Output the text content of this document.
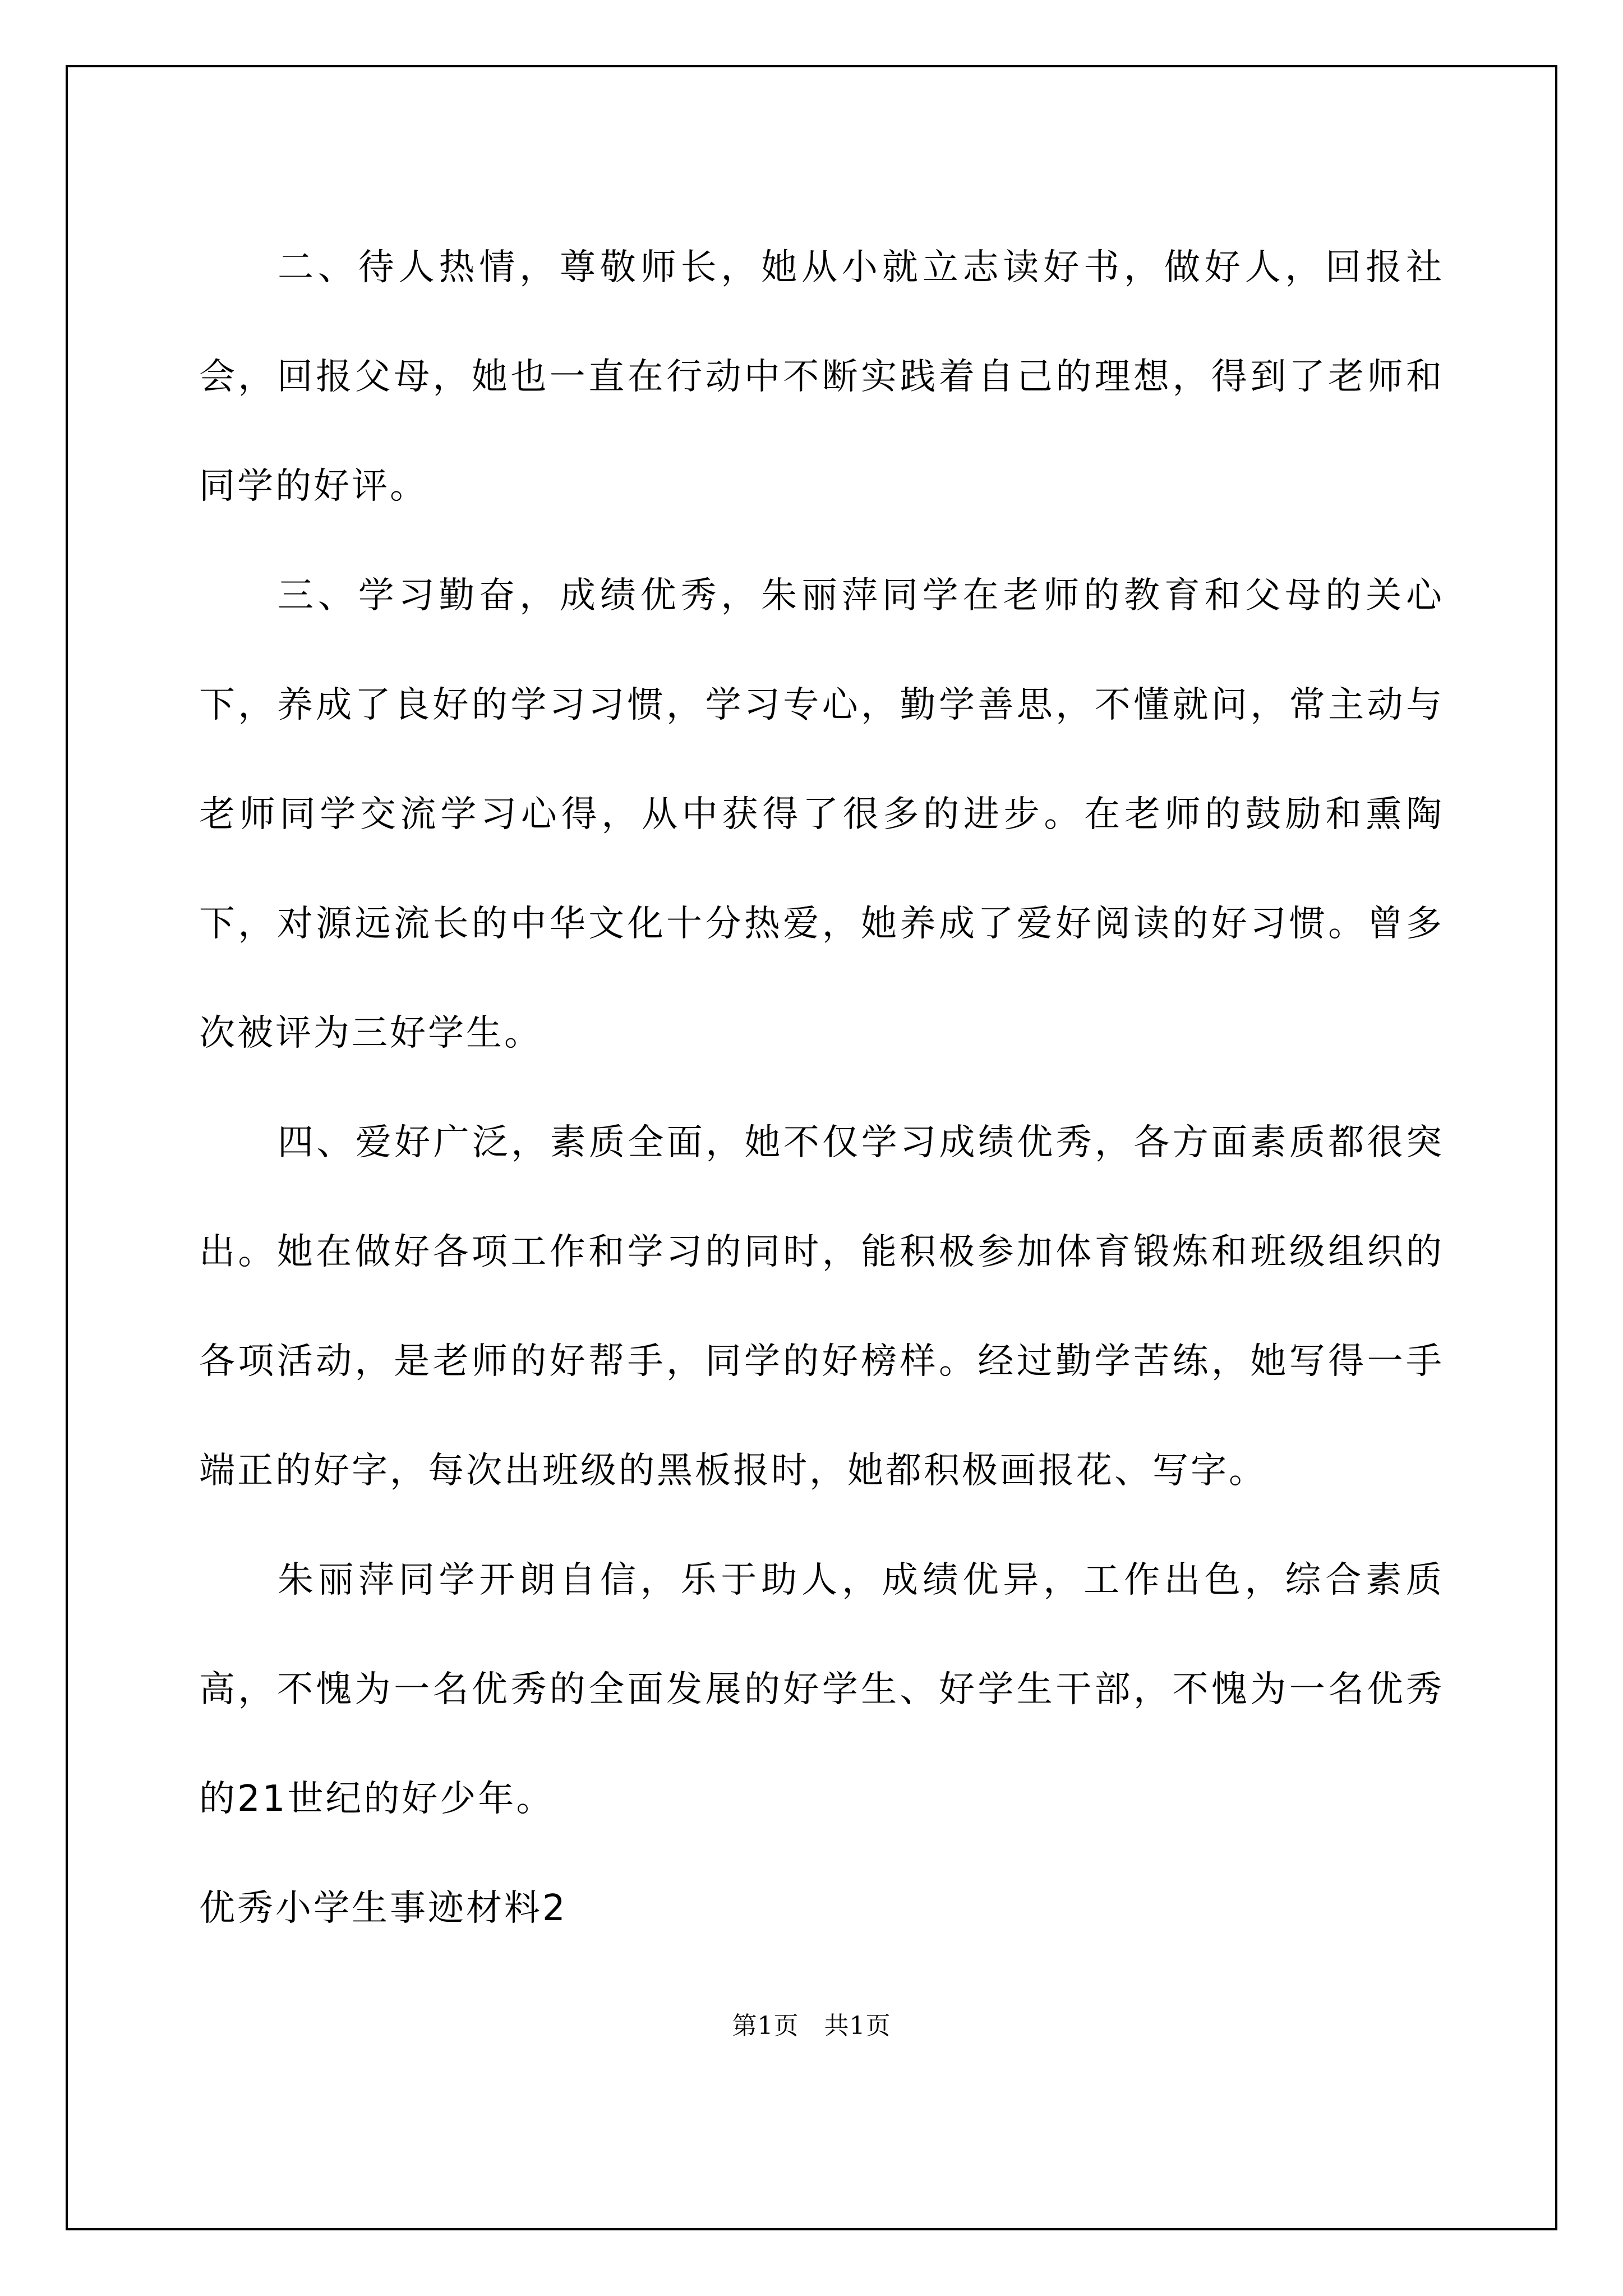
二、待人热情，尊敬师长，她从小就立志读好书，做好人，回报社会，回报父母，她也一直在行动中不断实践着自己的理想，得到了老师和同学的好评。

三、学习勤奋，成绩优秀，朱丽萍同学在老师的教育和父母的关心下，养成了良好的学习习惯，学习专心，勤学善思，不懂就问，常主动与老师同学交流学习心得，从中获得了很多的进步。在老师的鼓励和熏陶下，对源远流长的中华文化十分热爱，她养成了爱好阅读的好习惯。曾多次被评为三好学生。

四、爱好广泛，素质全面，她不仅学习成绩优秀，各方面素质都很突出。她在做好各项工作和学习的同时，能积极参加体育锻炼和班级组织的各项活动，是老师的好帮手，同学的好榜样。经过勤学苦练，她写得一手端正的好字，每次出班级的黑板报时，她都积极画报花、写字。

朱丽萍同学开朗自信，乐于助人，成绩优异，工作出色，综合素质高，不愧为一名优秀的全面发展的好学生、好学生干部，不愧为一名优秀的21世纪的好少年。

优秀小学生事迹材料2

第1页 共1页
